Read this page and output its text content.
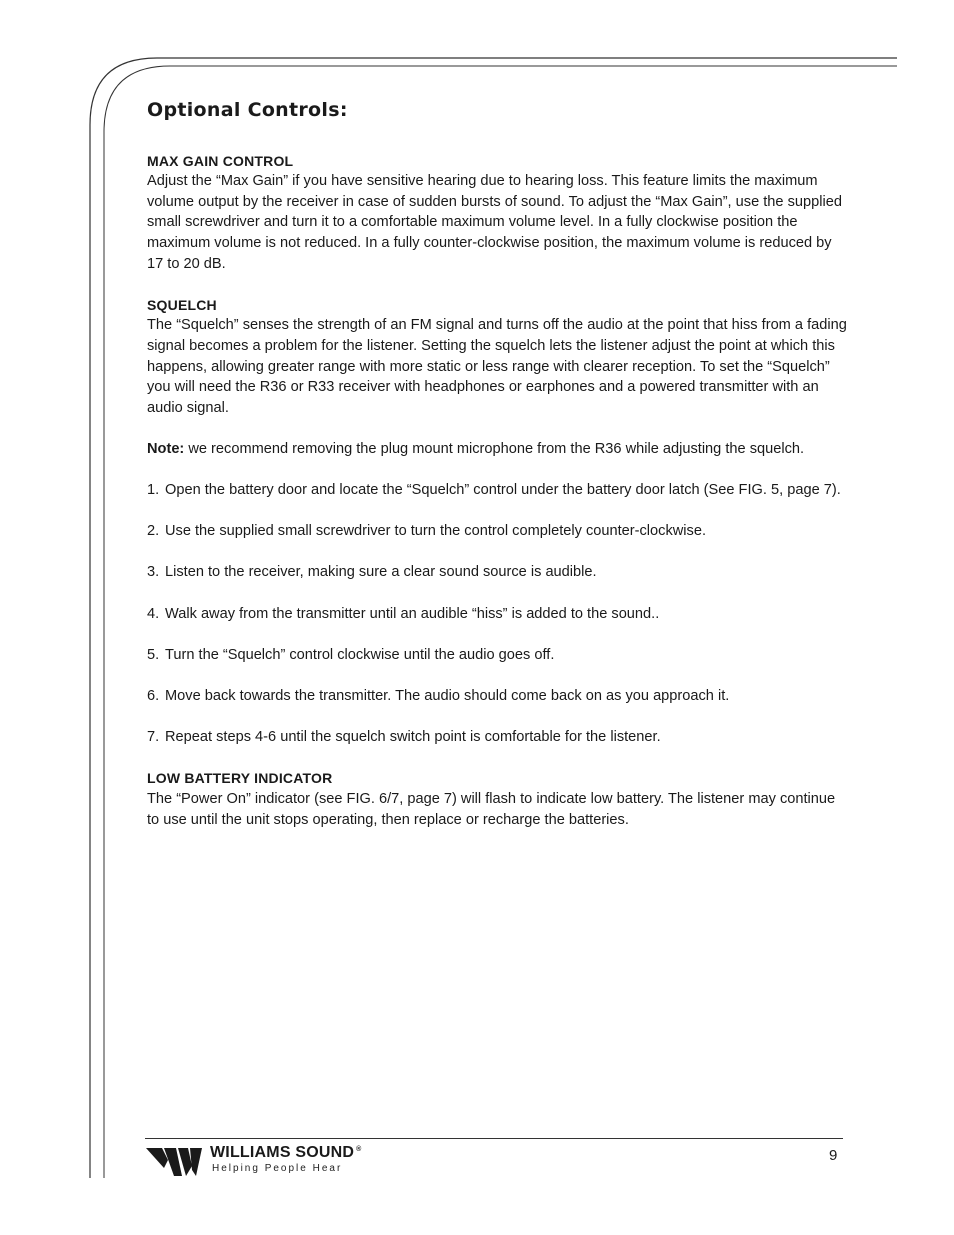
Optional Controls:

MAX GAIN CONTROL

Adjust the “Max Gain” if you have sensitive hearing due to hearing loss. This feature limits the maximum volume output by the receiver in case of sudden bursts of sound. To adjust the “Max Gain”, use the supplied small screwdriver and turn it to a comfortable maximum volume level. In a fully clockwise position the maximum volume is not reduced. In a fully counter-clockwise position, the maximum volume is reduced by 17 to 20 dB.

SQUELCH

The “Squelch” senses the strength of an FM signal and turns off the audio at the point that hiss from a fading signal becomes a problem for the listener. Setting the squelch lets the listener adjust the point at which this happens, allowing greater range with more static or less range with clearer reception. To set the “Squelch” you will need the R36 or R33 receiver with headphones or earphones and a powered transmitter with an audio signal.

Note: we recommend removing the plug mount microphone from the R36 while adjusting the squelch.

1. Open the battery door and locate the “Squelch” control under the battery door latch (See FIG. 5, page 7).
2. Use the supplied small screwdriver to turn the control completely counter-clockwise.
3. Listen to the receiver, making sure a clear sound source is audible.
4. Walk away from the transmitter until an audible “hiss” is added to the sound..
5. Turn the “Squelch” control clockwise until the audio goes off.
6. Move back towards the transmitter. The audio should come back on as you approach it.
7. Repeat steps 4-6 until the squelch switch point is comfortable for the listener.

LOW BATTERY INDICATOR

The “Power On” indicator (see FIG. 6/7, page 7) will flash to indicate low battery. The listener may continue to use until the unit stops operating, then replace or recharge the batteries.

WILLIAMS SOUND ®
Helping People Hear
9
